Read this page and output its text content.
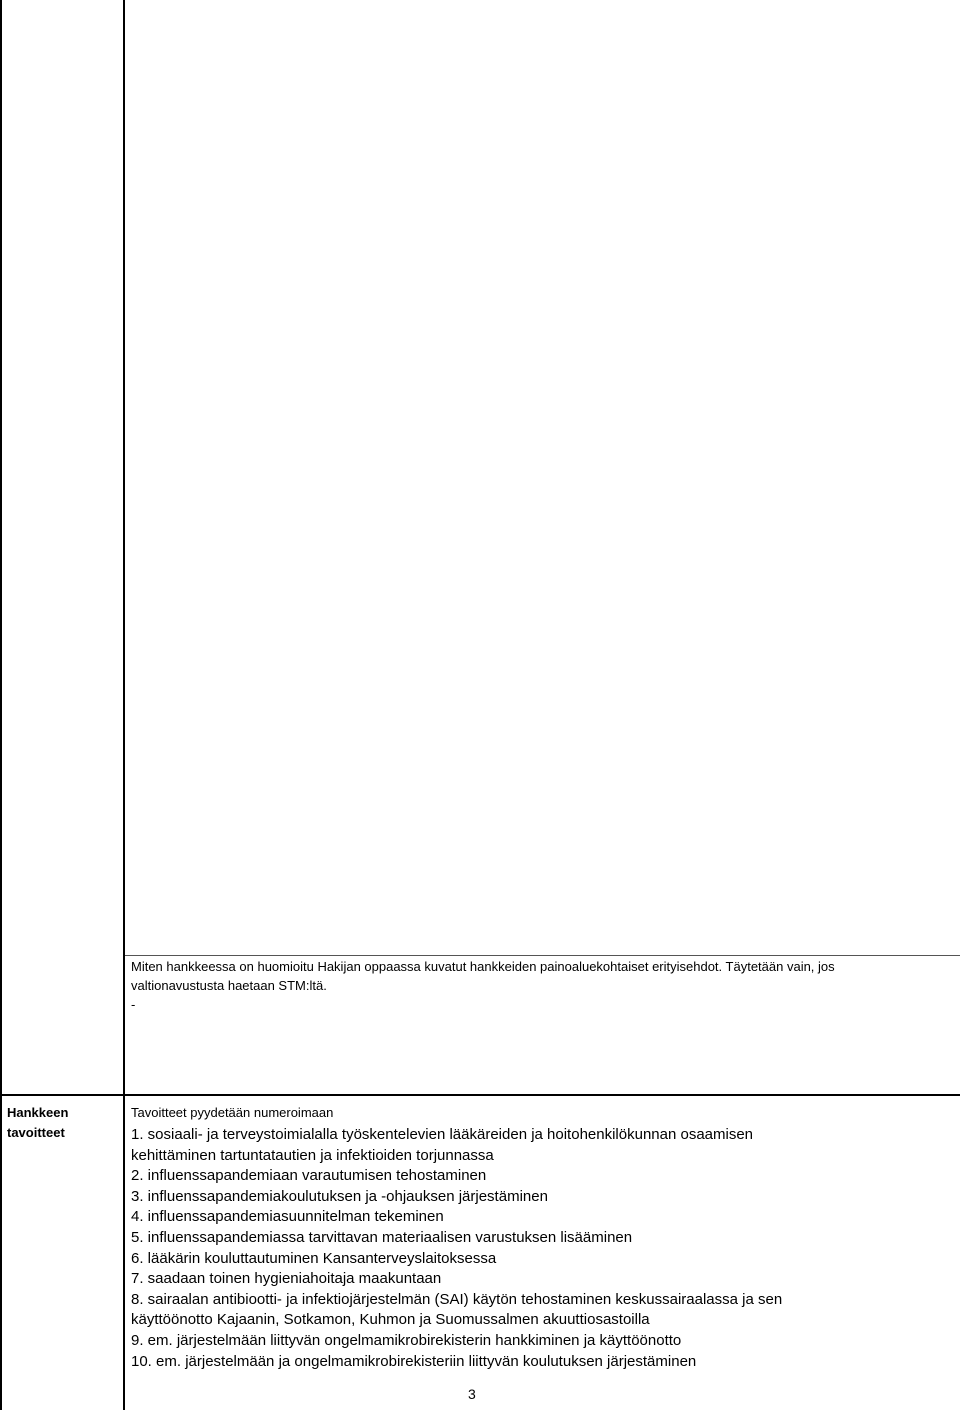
Miten hankkeessa on huomioitu Hakijan oppaassa kuvatut hankkeiden painoaluekohtaiset erityisehdot. Täytetään vain, jos
valtionavustusta haetaan STM:ltä.
-
Hankkeen
tavoitteet
Tavoitteet pyydetään numeroimaan
1. sosiaali- ja terveystoimialalla työskentelevien lääkäreiden ja hoitohenkilökunnan osaamisen
kehittäminen tartuntatautien ja infektioiden torjunnassa
2. influenssapandemiaan varautumisen tehostaminen
3. influenssapandemiakoulutuksen ja -ohjauksen järjestäminen
4. influenssapandemiasuunnitelman tekeminen
5. influenssapandemiassa tarvittavan materiaalisen varustuksen lisääminen
6. lääkärin kouluttautuminen Kansanterveyslaitoksessa
7. saadaan toinen hygieniahoitaja maakuntaan
8. sairaalan antibiootti- ja infektiojärjestelmän (SAI) käytön tehostaminen keskussairaalassa ja sen
käyttöönotto Kajaanin, Sotkamon, Kuhmon ja Suomussalmen akuuttiosastoilla
9. em. järjestelmään liittyvän ongelmamikrobirekisterin hankkiminen ja käyttöönotto
10. em. järjestelmään ja ongelmamikrobirekisteriin liittyvän koulutuksen järjestäminen
3
